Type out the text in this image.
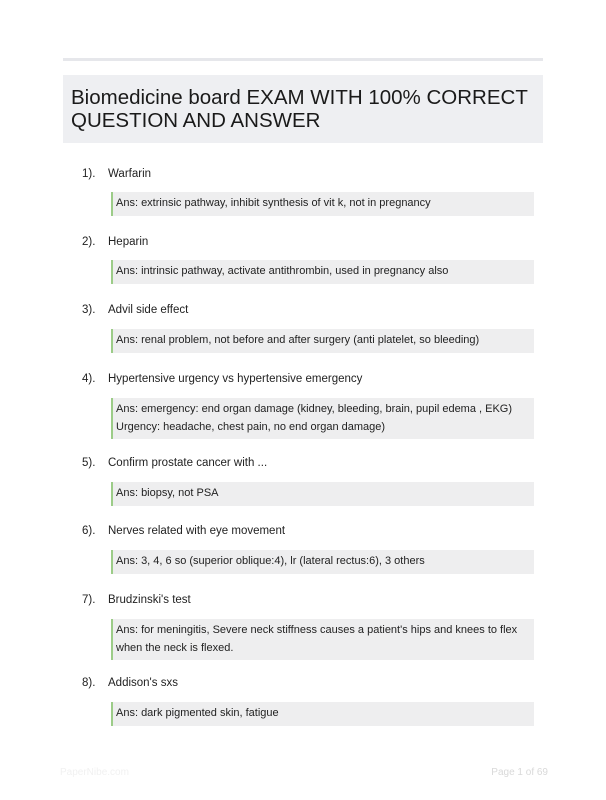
Biomedicine board EXAM WITH 100% CORRECT QUESTION AND ANSWER
1). Warfarin
Ans: extrinsic pathway, inhibit synthesis of vit k, not in pregnancy
2). Heparin
Ans: intrinsic pathway, activate antithrombin, used in pregnancy also
3). Advil side effect
Ans: renal problem, not before and after surgery (anti platelet, so bleeding)
4). Hypertensive urgency vs hypertensive emergency
Ans: emergency: end organ damage (kidney, bleeding, brain, pupil edema , EKG) Urgency: headache, chest pain, no end organ damage)
5). Confirm prostate cancer with ...
Ans: biopsy, not PSA
6). Nerves related with eye movement
Ans: 3, 4, 6 so (superior oblique:4), lr (lateral rectus:6), 3 others
7). Brudzinski's test
Ans: for meningitis, Severe neck stiffness causes a patient's hips and knees to flex when the neck is flexed.
8). Addison's sxs
Ans: dark pigmented skin, fatigue
PaperNibe.com	Page 1 of 69
